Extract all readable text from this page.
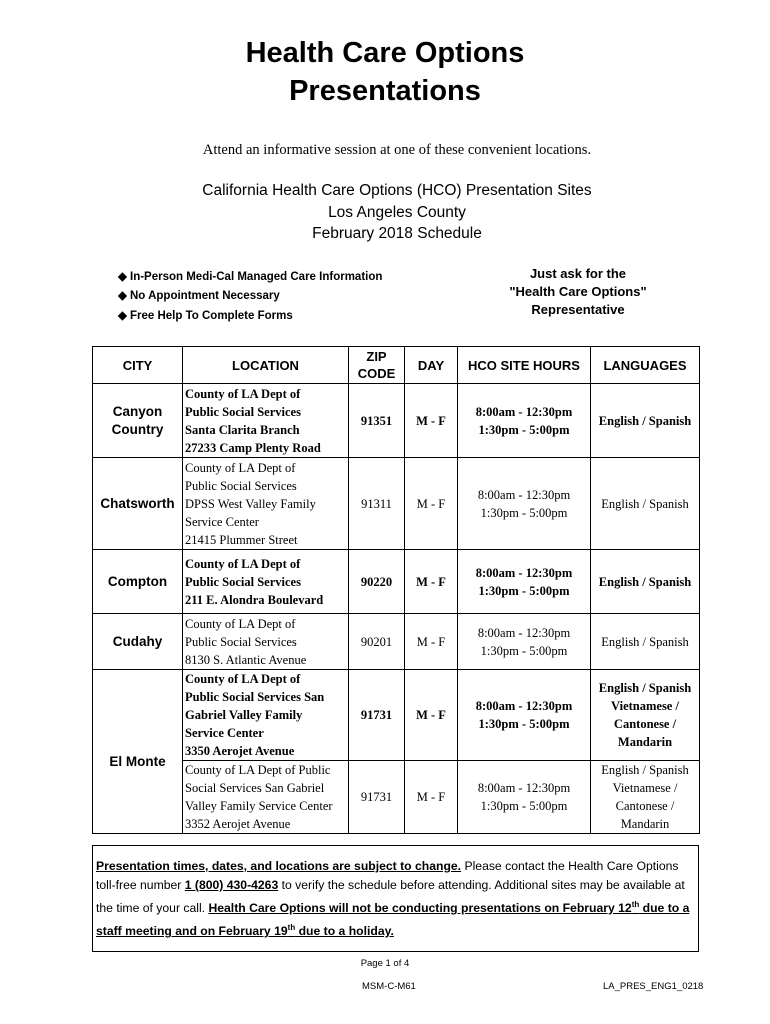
Health Care Options
Presentations
Attend an informative session at one of these convenient locations.
California Health Care Options (HCO) Presentation Sites
Los Angeles County
February 2018 Schedule
◆ In-Person Medi-Cal Managed Care Information
◆ No Appointment Necessary
◆ Free Help To Complete Forms
Just ask for the
"Health Care Options"
Representative
CITY	LOCATION	ZIP
CODE	DAY	HCO SITE HOURS	LANGUAGES

Canyon
Country	County of LA Dept of
Public Social Services
Santa Clarita Branch
27233 Camp Plenty Road	91351	M - F	8:00am - 12:30pm
1:30pm - 5:00pm	English / Spanish
Chatsworth	County of LA Dept of
Public Social Services
DPSS West Valley Family
Service Center
21415 Plummer Street	91311	M - F	8:00am - 12:30pm
1:30pm - 5:00pm	English / Spanish
Compton	County of LA Dept of
Public Social Services
211 E. Alondra Boulevard	90220	M - F	8:00am - 12:30pm
1:30pm - 5:00pm	English / Spanish
Cudahy	County of LA Dept of
Public Social Services
8130 S. Atlantic Avenue	90201	M - F	8:00am - 12:30pm
1:30pm - 5:00pm	English / Spanish
El Monte	County of LA Dept of
Public Social Services San
Gabriel Valley Family
Service Center
3350 Aerojet Avenue	91731	M - F	8:00am - 12:30pm
1:30pm - 5:00pm	English / Spanish
Vietnamese /
Cantonese /
Mandarin

	County of LA Dept of Public
Social Services San Gabriel
Valley Family Service Center
3352 Aerojet Avenue	91731	M - F	8:00am - 12:30pm
1:30pm - 5:00pm	English / Spanish
Vietnamese /
Cantonese /
Mandarin
Presentation times, dates, and locations are subject to change. Please contact the Health Care Options toll-free number 1 (800) 430-4263 to verify the schedule before attending. Additional sites may be available at the time of your call. Health Care Options will not be conducting presentations on February 12th due to a staff meeting and on February 19th due to a holiday.
Page 1 of 4
MSM-C-M61	LA_PRES_ENG1_0218
